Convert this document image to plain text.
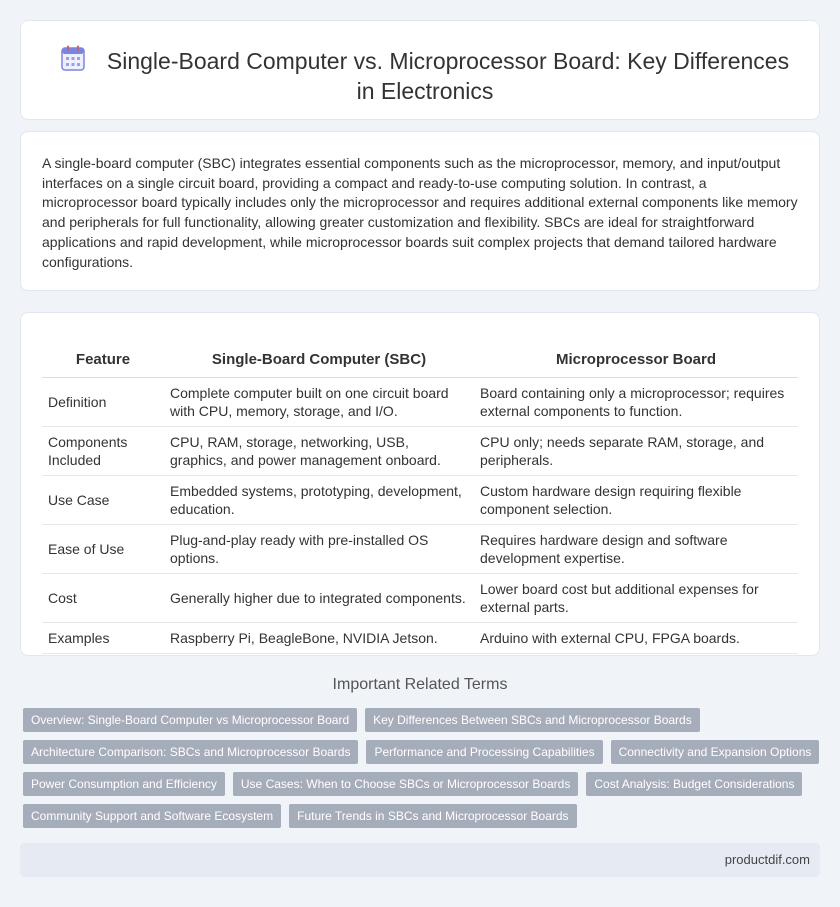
Single-Board Computer vs. Microprocessor Board: Key Differences in Electronics

A single-board computer (SBC) integrates essential components such as the microprocessor, memory, and input/output interfaces on a single circuit board, providing a compact and ready-to-use computing solution. In contrast, a microprocessor board typically includes only the microprocessor and requires additional external components like memory and peripherals for full functionality, allowing greater customization and flexibility. SBCs are ideal for straightforward applications and rapid development, while microprocessor boards suit complex projects that demand tailored hardware configurations.

Feature	Single-Board Computer (SBC)	Microprocessor Board
Definition	Complete computer built on one circuit board with CPU, memory, storage, and I/O.	Board containing only a microprocessor; requires external components to function.
Components Included	CPU, RAM, storage, networking, USB, graphics, and power management onboard.	CPU only; needs separate RAM, storage, and peripherals.
Use Case	Embedded systems, prototyping, development, education.	Custom hardware design requiring flexible component selection.
Ease of Use	Plug-and-play ready with pre-installed OS options.	Requires hardware design and software development expertise.
Cost	Generally higher due to integrated components.	Lower board cost but additional expenses for external parts.
Examples	Raspberry Pi, BeagleBone, NVIDIA Jetson.	Arduino with external CPU, FPGA boards.
Important Related Terms
Overview: Single-Board Computer vs Microprocessor Board	Key Differences Between SBCs and Microprocessor Boards
Architecture Comparison: SBCs and Microprocessor Boards	Performance and Processing Capabilities	Connectivity and Expansion Options
Power Consumption and Efficiency	Use Cases: When to Choose SBCs or Microprocessor Boards	Cost Analysis: Budget Considerations
Community Support and Software Ecosystem	Future Trends in SBCs and Microprocessor Boards
productdif.com
